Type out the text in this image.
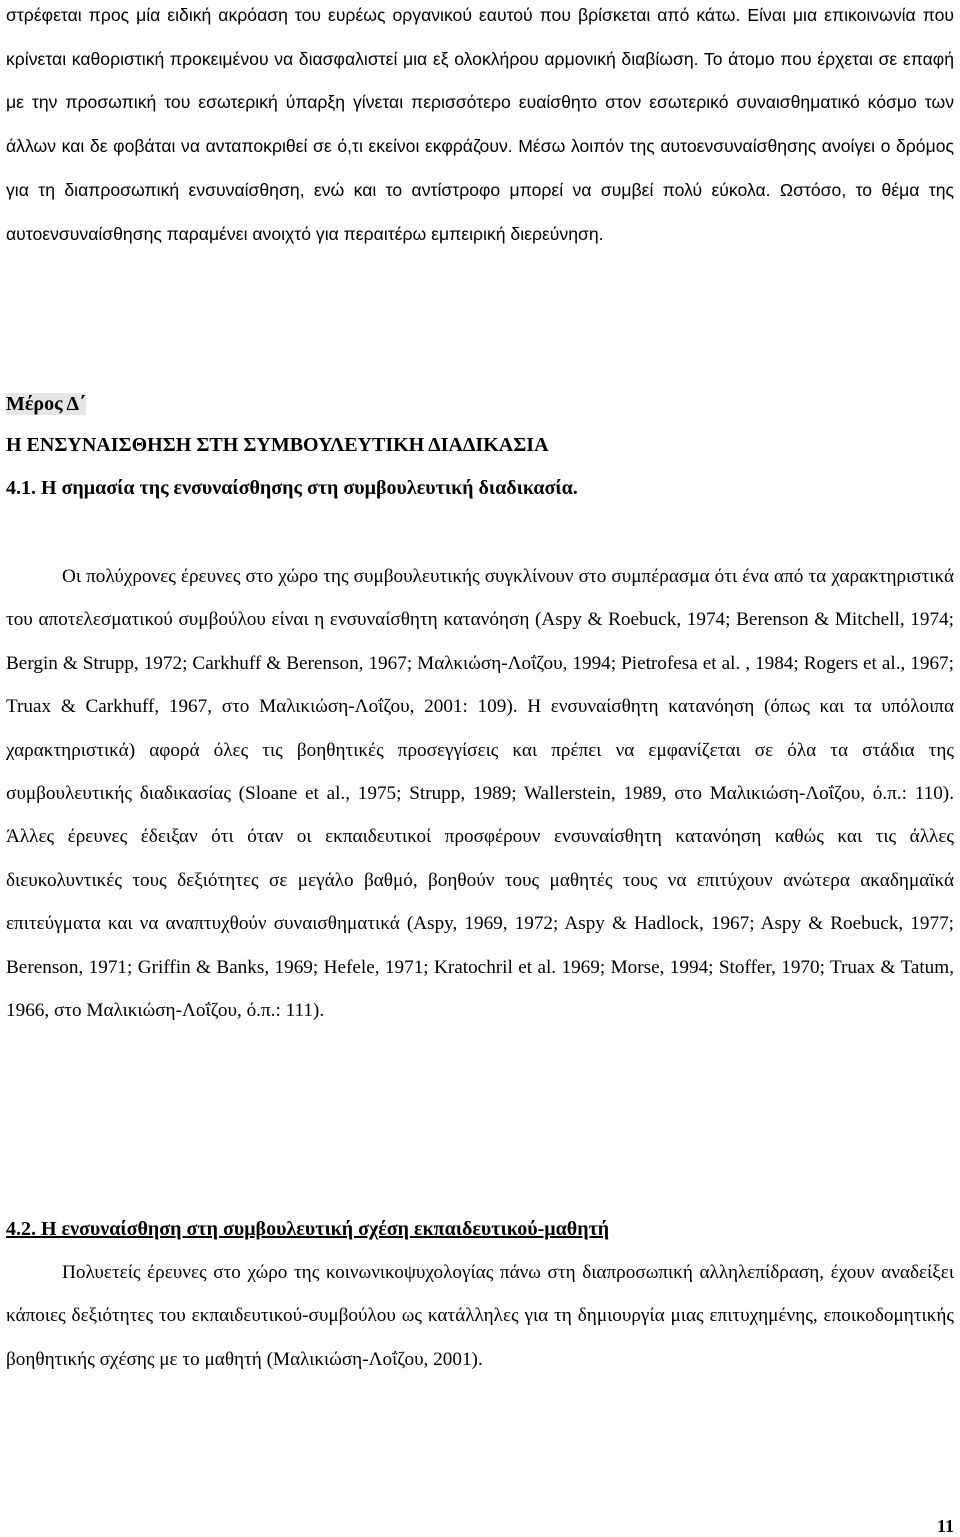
στρέφεται προς μία ειδική ακρόαση του ευρέως οργανικού εαυτού που βρίσκεται από κάτω. Είναι μια επικοινωνία που κρίνεται καθοριστική προκειμένου να διασφαλιστεί μια εξ ολοκλήρου αρμονική διαβίωση. Το άτομο που έρχεται σε επαφή με την προσωπική του εσωτερική ύπαρξη γίνεται περισσότερο ευαίσθητο στον εσωτερικό συναισθηματικό κόσμο των άλλων και δε φοβάται να ανταποκριθεί σε ό,τι εκείνοι εκφράζουν. Μέσω λοιπόν της αυτοενσυναίσθησης ανοίγει ο δρόμος για τη διαπροσωπική ενσυναίσθηση, ενώ και το αντίστροφο μπορεί να συμβεί πολύ εύκολα. Ωστόσο, το θέμα της αυτοενσυναίσθησης παραμένει ανοιχτό για περαιτέρω εμπειρική διερεύνηση.

Μέρος Δ΄
Η ΕΝΣΥΝΑΙΣΘΗΣΗ ΣΤΗ ΣΥΜΒΟΥΛΕΥΤΙΚΗ ΔΙΑΔΙΚΑΣΙΑ
4.1. Η σημασία της ενσυναίσθησης στη συμβουλευτική διαδικασία.

Οι πολύχρονες έρευνες στο χώρο της συμβουλευτικής συγκλίνουν στο συμπέρασμα ότι ένα από τα χαρακτηριστικά του αποτελεσματικού συμβούλου είναι η ενσυναίσθητη κατανόηση (Aspy & Roebuck, 1974; Berenson & Mitchell, 1974; Bergin & Strupp, 1972; Carkhuff & Berenson, 1967; Μαλκιώση-Λοΐζου, 1994; Pietrofesa et al. , 1984; Rogers et al., 1967; Truax & Carkhuff, 1967, στο Μαλικιώση-Λοΐζου, 2001: 109). Η ενσυναίσθητη κατανόηση (όπως και τα υπόλοιπα χαρακτηριστικά) αφορά όλες τις βοηθητικές προσεγγίσεις και πρέπει να εμφανίζεται σε όλα τα στάδια της συμβουλευτικής διαδικασίας (Sloane et al., 1975; Strupp, 1989; Wallerstein, 1989, στο Μαλικιώση-Λοΐζου, ό.π.: 110). Άλλες έρευνες έδειξαν ότι όταν οι εκπαιδευτικοί προσφέρουν ενσυναίσθητη κατανόηση καθώς και τις άλλες διευκολυντικές τους δεξιότητες σε μεγάλο βαθμό, βοηθούν τους μαθητές τους να επιτύχουν ανώτερα ακαδημαϊκά επιτεύγματα και να αναπτυχθούν συναισθηματικά (Aspy, 1969, 1972; Aspy & Hadlock, 1967; Aspy & Roebuck, 1977; Berenson, 1971; Griffin & Banks, 1969; Hefele, 1971; Kratochril et al. 1969; Morse, 1994; Stoffer, 1970; Truax & Tatum, 1966, στο Μαλικιώση-Λοΐζου, ό.π.: 111).

4.2. Η ενσυναίσθηση στη συμβουλευτική σχέση εκπαιδευτικού-μαθητή

Πολυετείς έρευνες στο χώρο της κοινωνικοψυχολογίας πάνω στη διαπροσωπική αλληλεπίδραση, έχουν αναδείξει κάποιες δεξιότητες του εκπαιδευτικού-συμβούλου ως κατάλληλες για τη δημιουργία μιας επιτυχημένης, εποικοδομητικής βοηθητικής σχέσης με το μαθητή (Μαλικιώση-Λοΐζου, 2001).

11
